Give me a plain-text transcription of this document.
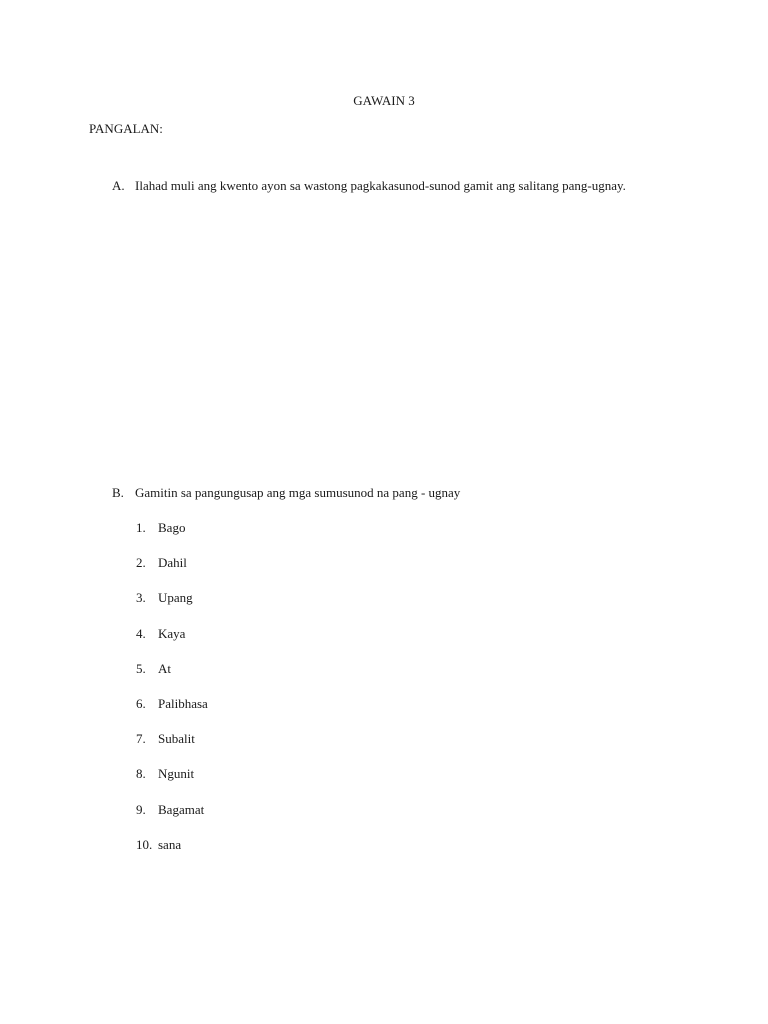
GAWAIN 3
PANGALAN:
A. Ilahad muli ang kwento ayon sa wastong pagkakasunod-sunod gamit ang salitang pang-ugnay.
B. Gamitin sa pangungusap ang mga sumusunod na pang - ugnay
1. Bago
2. Dahil
3. Upang
4. Kaya
5. At
6. Palibhasa
7. Subalit
8. Ngunit
9. Bagamat
10. sana
